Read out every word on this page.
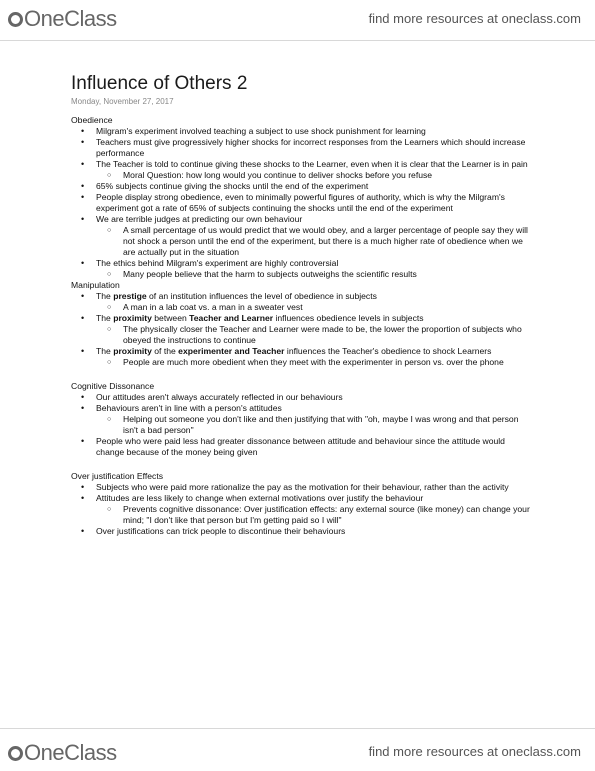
OneClass	find more resources at oneclass.com
Influence of Others 2
Monday, November 27, 2017
Obedience
• Milgram's experiment involved teaching a subject to use shock punishment for learning
• Teachers must give progressively higher shocks for incorrect responses from the Learners which should increase performance
• The Teacher is told to continue giving these shocks to the Learner, even when it is clear that the Learner is in pain
○ Moral Question: how long would you continue to deliver shocks before you refuse
• 65% subjects continue giving the shocks until the end of the experiment
• People display strong obedience, even to minimally powerful figures of authority, which is why the Milgram's experiment got a rate of 65% of subjects continuing the shocks until the end of the experiment
• We are terrible judges at predicting our own behaviour
○ A small percentage of us would predict that we would obey, and a larger percentage of people say they will not shock a person until the end of the experiment, but there is a much higher rate of obedience when we are actually put in the situation
• The ethics behind Milgram's experiment are highly controversial
○ Many people believe that the harm to subjects outweighs the scientific results
Manipulation
• The prestige of an institution influences the level of obedience in subjects
○ A man in a lab coat vs. a man in a sweater vest
• The proximity between Teacher and Learner influences obedience levels in subjects
○ The physically closer the Teacher and Learner were made to be, the lower the proportion of subjects who obeyed the instructions to continue
• The proximity of the experimenter and Teacher influences the Teacher's obedience to shock Learners
○ People are much more obedient when they meet with the experimenter in person vs. over the phone
Cognitive Dissonance
• Our attitudes aren't always accurately reflected in our behaviours
• Behaviours aren't in line with a person's attitudes
○ Helping out someone you don't like and then justifying that with "oh, maybe I was wrong and that person isn't a bad person"
• People who were paid less had greater dissonance between attitude and behaviour since the attitude would change because of the money being given
Over justification Effects
• Subjects who were paid more rationalize the pay as the motivation for their behaviour, rather than the activity
• Attitudes are less likely to change when external motivations over justify the behaviour
○ Prevents cognitive dissonance: Over justification effects: any external source (like money) can change your mind; "I don't like that person but I'm getting paid so I will"
• Over justifications can trick people to discontinue their behaviours
OneClass	find more resources at oneclass.com
